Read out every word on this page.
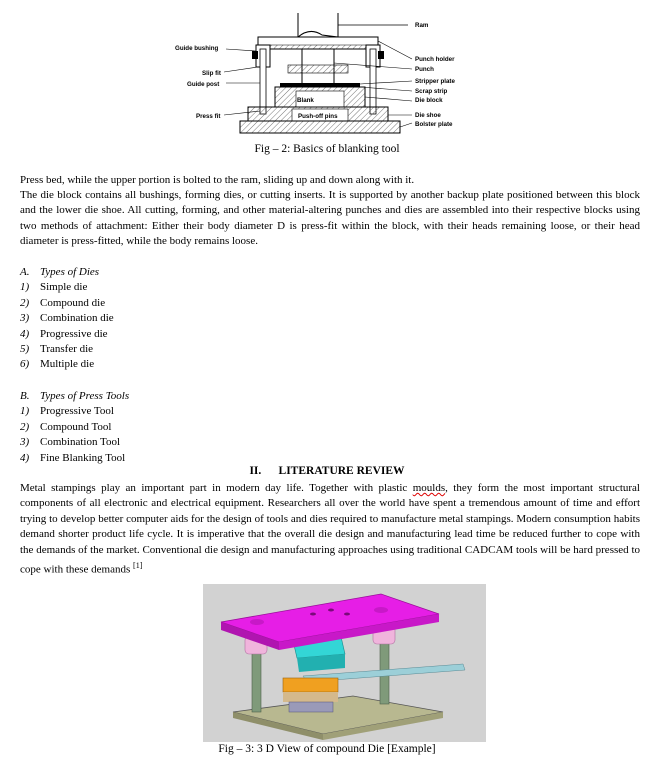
Ram
Punch holder
Punch
Stripper plate
Scrap strip
Die block
Die shoe
Bolster plate
Guide bushing
Slip fit
Guide post
Press fit
Blank
Push-off pins
Fig – 2: Basics of blanking tool
Press bed, while the upper portion is bolted to the ram, sliding up and down along with it.
The die block contains all bushings, forming dies, or cutting inserts. It is supported by another backup plate positioned between this block and the lower die shoe. All cutting, forming, and other material-altering punches and dies are assembled into their respective blocks using two methods of attachment: Either their body diameter D is press-fit within the block, with their heads remaining loose, or their head diameter is press-fitted, while the body remains loose.
A. Types of Dies
1) Simple die
2) Compound die
3) Combination die
4) Progressive die
5) Transfer die
6) Multiple die
B. Types of Press Tools
1) Progressive Tool
2) Compound Tool
3) Combination Tool
4) Fine Blanking Tool
II. LITERATURE REVIEW
Metal stampings play an important part in modern day life. Together with plastic moulds, they form the most important structural components of all electronic and electrical equipment. Researchers all over the world have spent a tremendous amount of time and effort trying to develop better computer aids for the design of tools and dies required to manufacture metal stampings. Modern consumption habits demand shorter product life cycle. It is imperative that the overall die design and manufacturing lead time be reduced further to cope with the demands of the market. Conventional die design and manufacturing approaches using traditional CADCAM tools will be hard pressed to cope with these demands [1]
Fig – 3: 3 D View of compound Die [Example]
